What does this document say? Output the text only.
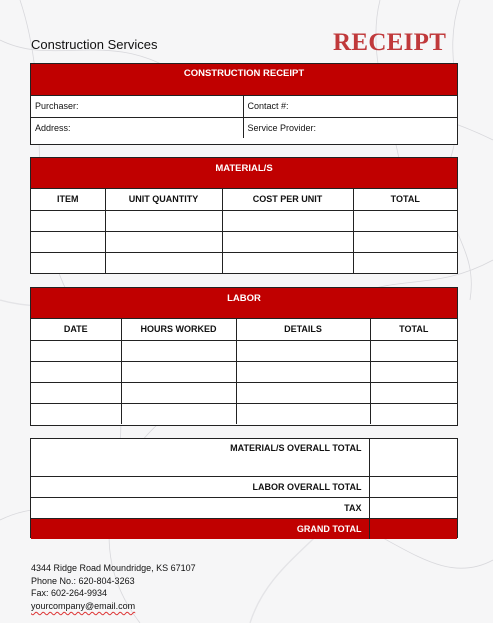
Construction Services	RECEIPT
CONSTRUCTION RECEIPT
Purchaser:	Contact #:
Address:	Service Provider:
MATERIAL/S
ITEM	UNIT QUANTITY	COST PER UNIT	TOTAL

LABOR
DATE	HOURS WORKED	DETAILS	TOTAL

MATERIAL/S OVERALL TOTAL	
LABOR OVERALL TOTAL	
TAX	
GRAND TOTAL	
4344 Ridge Road Moundridge, KS 67107
Phone No.: 620-804-3263
Fax: 602-264-9934
yourcompany@email.com
